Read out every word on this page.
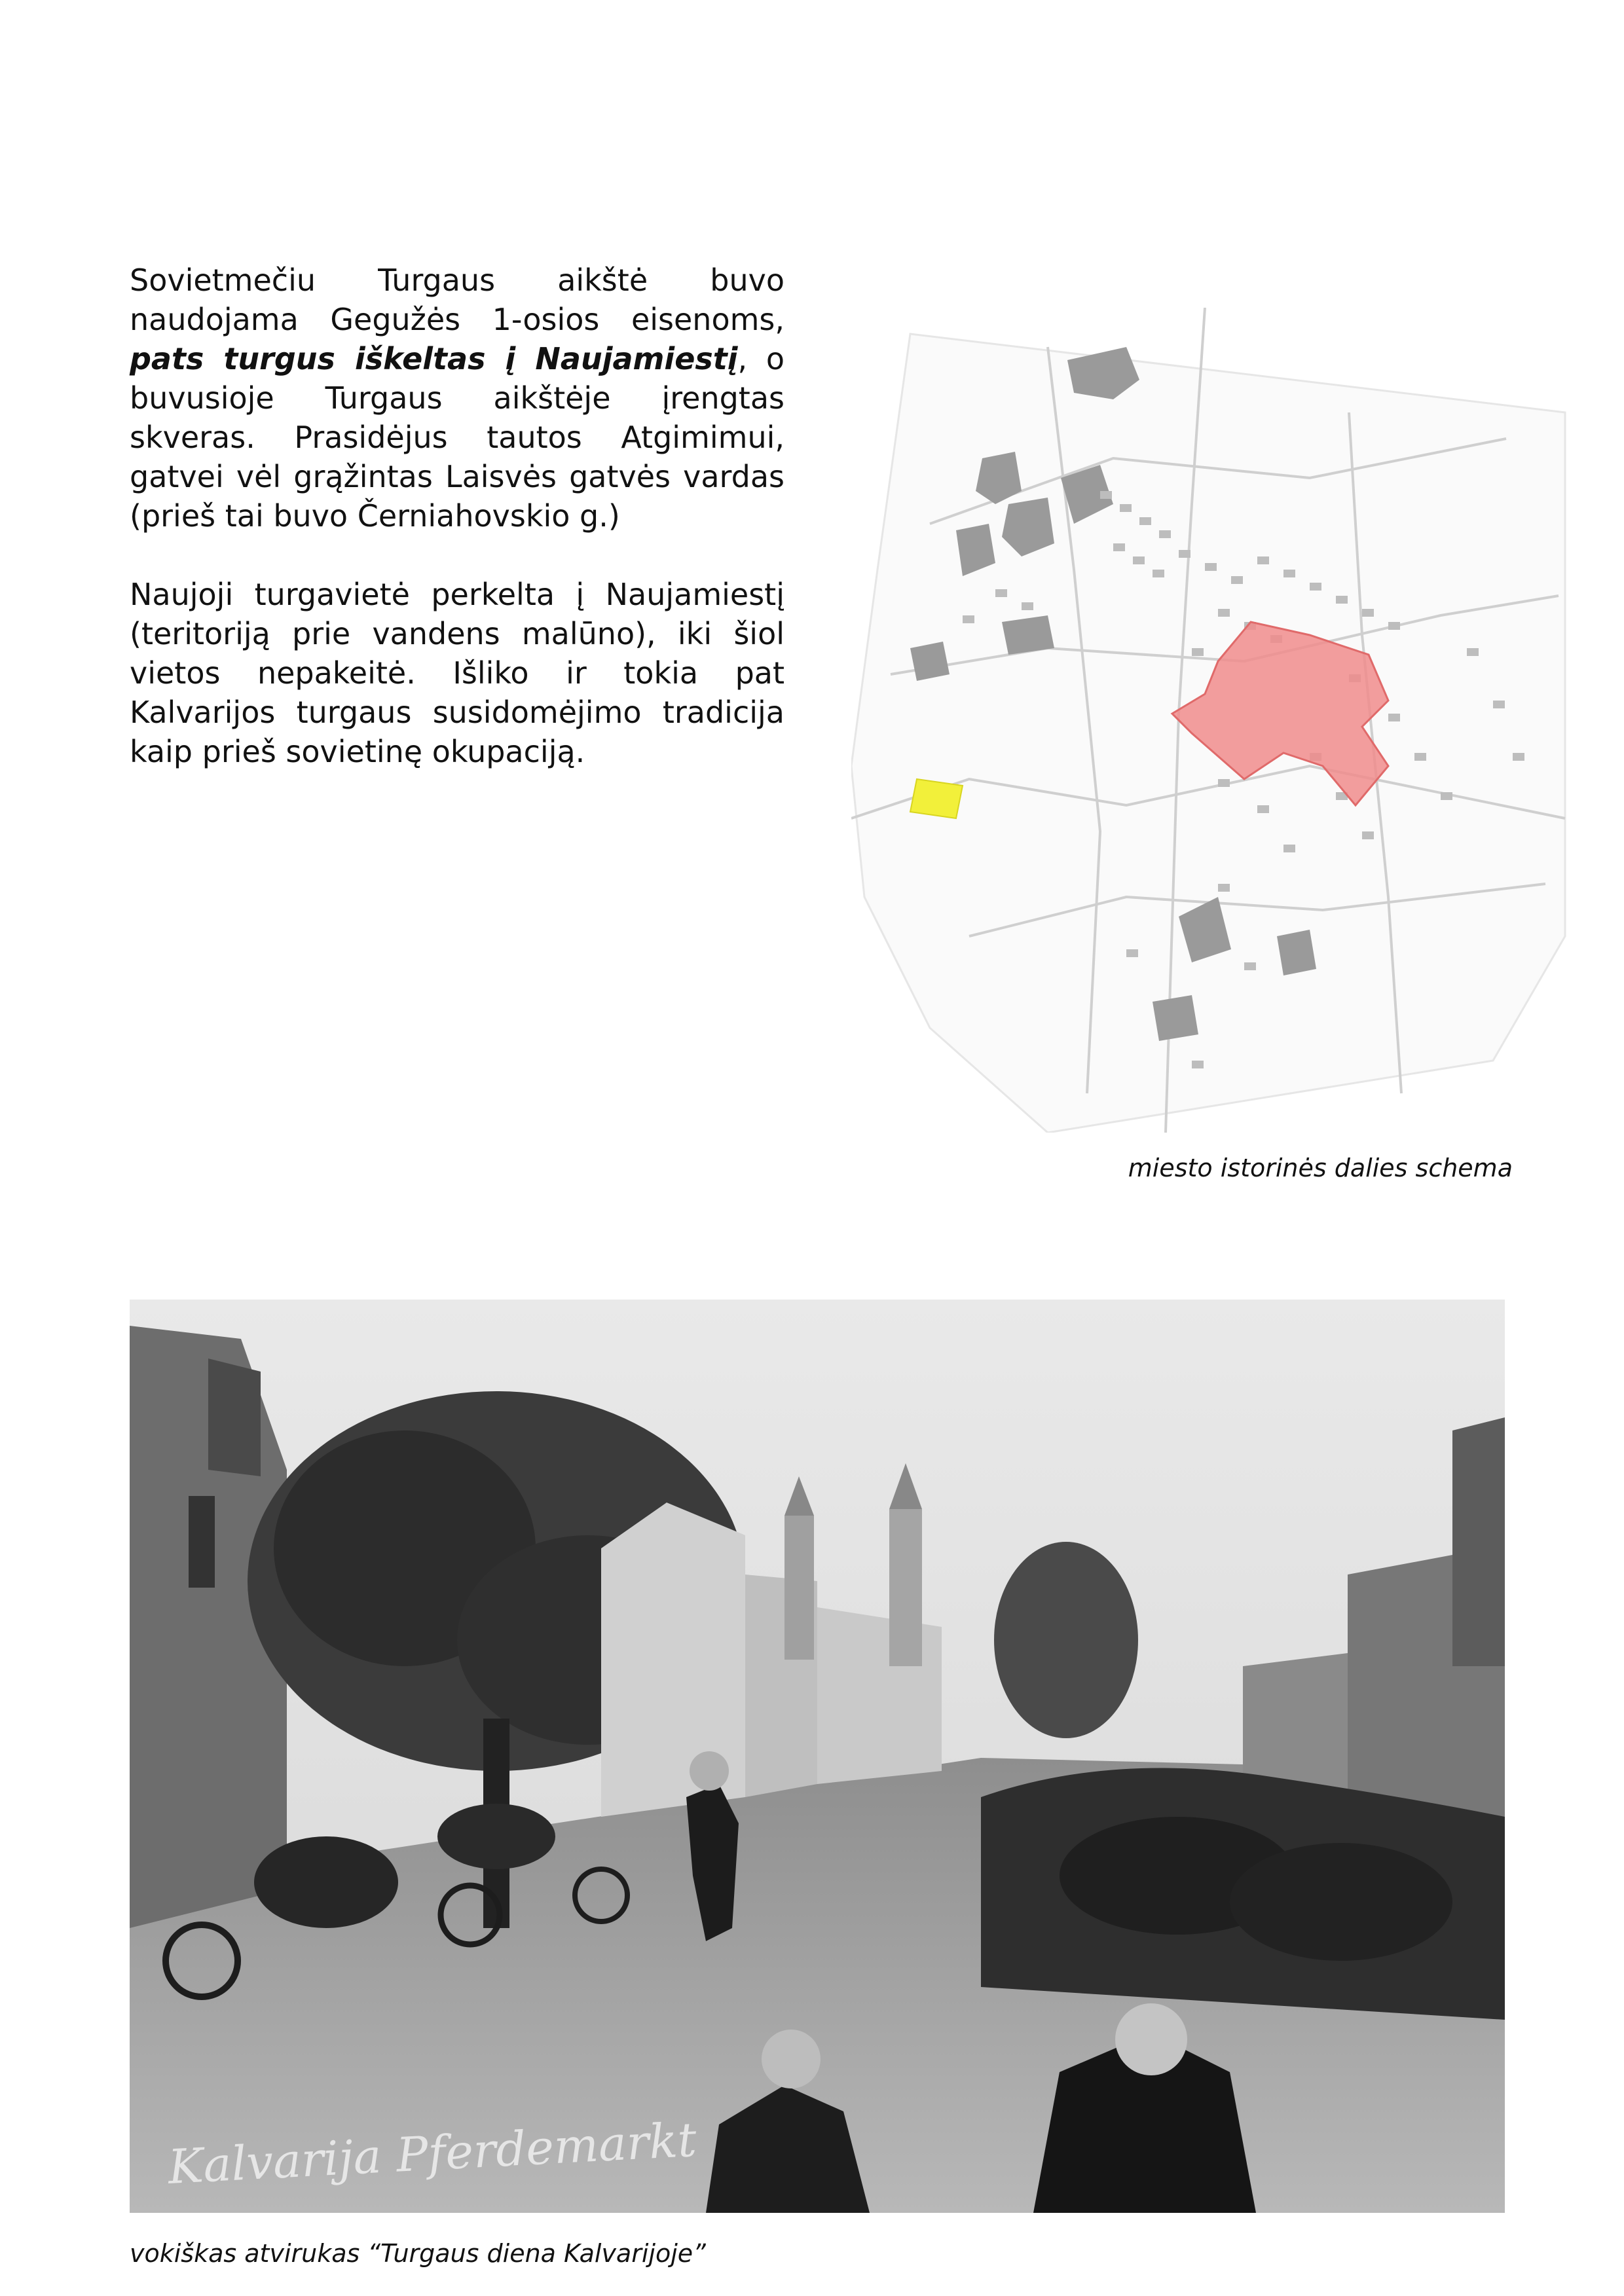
Sovietmečiu Turgaus aikštė buvo naudojama Gegužės 1-osios eisenoms, pats turgus iškeltas į Naujamiestį, o buvusioje Turgaus aikštėje įrengtas skveras. Prasidėjus tautos Atgimimui, gatvei vėl grąžintas Laisvės gatvės vardas (prieš tai buvo Černiahovskio g.)

Naujoji turgavietė perkelta į Naujamiestį (teritoriją prie vandens malūno), iki šiol vietos nepakeitė. Išliko ir tokia pat Kalvarijos turgaus susidomėjimo tradicija kaip prieš sovietinę okupaciją.

miesto istorinės dalies schema
Kalvarija Pferdemarkt
vokiškas atvirukas “Turgaus diena Kalvarijoje”
